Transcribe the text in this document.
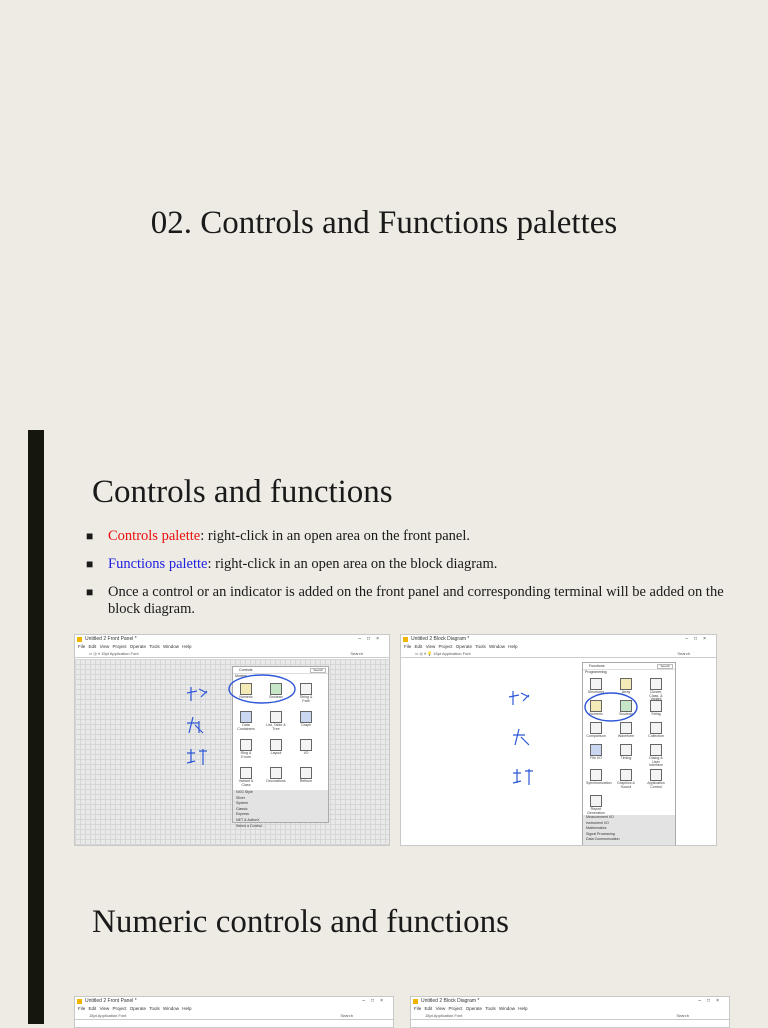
02. Controls and Functions palettes
Controls and functions
■ Controls palette: right-click in an open area on the front panel.
■ Functions palette: right-click in an open area on the block diagram.
■ Once a control or an indicator is added on the front panel and corresponding terminal will be added on the block diagram.
Untitled 2 Front Panel *	–□×
File Edit View Project Operate Tools Window Help
⇨ ◎ ⏸ 15pt Application Font	Search
Controls	Search
Modern
Numeric	Boolean	String & Path
Data Containers
List, Table & Tree
Graph
Ring & Enum
Layout	I/O
Variant & Class
Decorations	Refnum
NXG Style
Silver
System
Classic
Express
NET & ActiveX
Select a Control...
Untitled 2 Block Diagram *	–□×
File Edit View Project Operate Tools Window Help
⇨ ◎ ⏸ 💡 15pt Application Font	Search
Functions	Search
Programming
Structures	Array	Cluster, Class, &
Numeric	Boolean	String
Comparison	Waveform	Collection
File I/O	Timing	Dialog & User Interface
Synchronization	Graphics & Sound
Application Control
Report Generation
Measurement I/O
Instrument I/O
Mathematics
Signal Processing
Data Communication
Numeric controls and functions
Untitled 2 Front Panel *	–□×
File Edit View Project Operate Tools Window Help
15pt Application Font	Search
Untitled 2 Block Diagram *	–□×
File Edit View Project Operate Tools Window Help
15pt Application Font	Search
